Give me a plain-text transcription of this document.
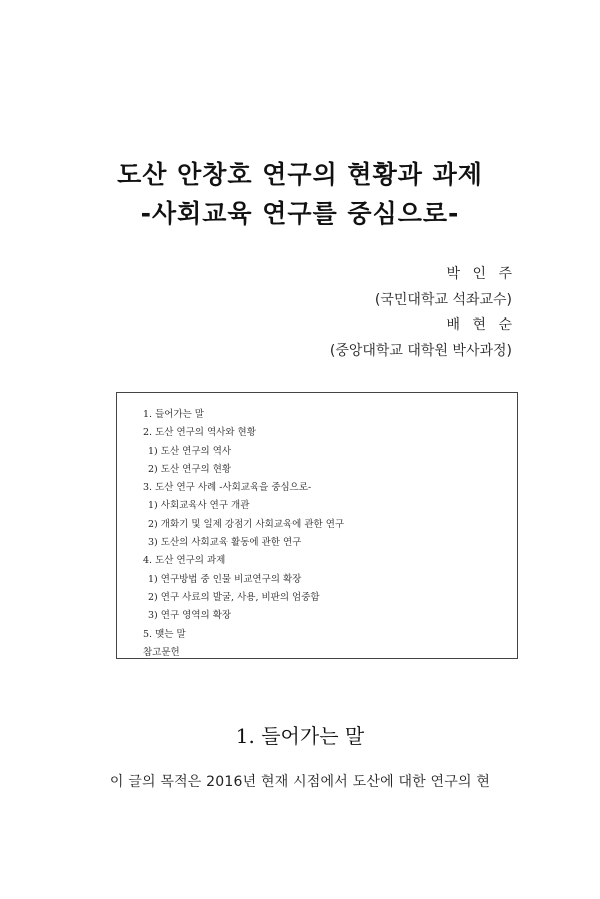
도산 안창호 연구의 현황과 과제
-사회교육 연구를 중심으로-
박 인 주
(국민대학교 석좌교수)
배 현 순
(중앙대학교 대학원 박사과정)
1. 들어가는 말
2. 도산 연구의 역사와 현황
1) 도산 연구의 역사
2) 도산 연구의 현황
3. 도산 연구 사례 -사회교육을 중심으로-
1) 사회교육사 연구 개관
2) 개화기 및 일제 강점기 사회교육에 관한 연구
3) 도산의 사회교육 활동에 관한 연구
4. 도산 연구의 과제
1) 연구방법 중 인물 비교연구의 확장
2) 연구 사료의 발굴, 사용, 비판의 엄중함
3) 연구 영역의 확장
5. 맺는 말
참고문헌
1. 들어가는 말
이 글의 목적은 2016년 현재 시점에서 도산에 대한 연구의 현
